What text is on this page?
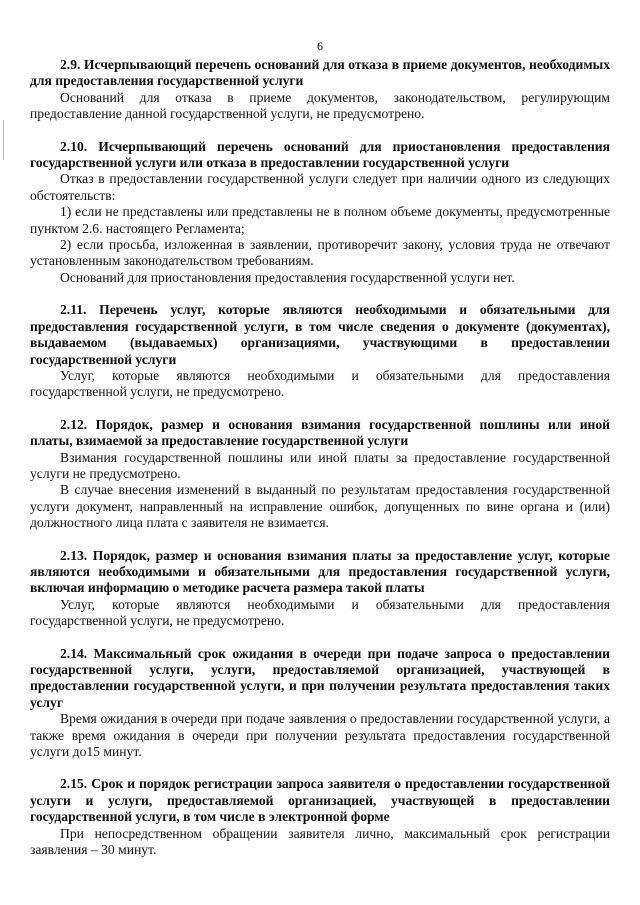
6

2.9. Исчерпывающий перечень оснований для отказа в приеме документов, необходимых для предоставления государственной услуги

Оснований для отказа в приеме документов, законодательством, регулирующим предоставление данной государственной услуги, не предусмотрено.

2.10. Исчерпывающий перечень оснований для приостановления предоставления государственной услуги или отказа в предоставлении государственной услуги

Отказ в предоставлении государственной услуги следует при наличии одного из следующих обстоятельств:

1) если не представлены или представлены не в полном объеме документы, предусмотренные пунктом 2.6. настоящего Регламента;

2) если просьба, изложенная в заявлении, противоречит закону, условия труда не отвечают установленным законодательством требованиям.

Оснований для приостановления предоставления государственной услуги нет.

2.11. Перечень услуг, которые являются необходимыми и обязательными для предоставления государственной услуги, в том числе сведения о документе (документах), выдаваемом (выдаваемых) организациями, участвующими в предоставлении государственной услуги

Услуг, которые являются необходимыми и обязательными для предоставления государственной услуги, не предусмотрено.

2.12. Порядок, размер и основания взимания государственной пошлины или иной платы, взимаемой за предоставление государственной услуги

Взимания государственной пошлины или иной платы за предоставление государственной услуги не предусмотрено.

В случае внесения изменений в выданный по результатам предоставления государственной услуги документ, направленный на исправление ошибок, допущенных по вине органа и (или) должностного лица плата с заявителя не взимается.

2.13. Порядок, размер и основания взимания платы за предоставление услуг, которые являются необходимыми и обязательными для предоставления государственной услуги, включая информацию о методике расчета размера такой платы

Услуг, которые являются необходимыми и обязательными для предоставления государственной услуги, не предусмотрено.

2.14. Максимальный срок ожидания в очереди при подаче запроса о предоставлении государственной услуги, услуги, предоставляемой организацией, участвующей в предоставлении государственной услуги, и при получении результата предоставления таких услуг

Время ожидания в очереди при подаче заявления о предоставлении государственной услуги, а также время ожидания в очереди при получении результата предоставления государственной услуги до15 минут.

2.15. Срок и порядок регистрации запроса заявителя о предоставлении государственной услуги и услуги, предоставляемой организацией, участвующей в предоставлении государственной услуги, в том числе в электронной форме

При непосредственном обращении заявителя лично, максимальный срок регистрации заявления – 30 минут.
